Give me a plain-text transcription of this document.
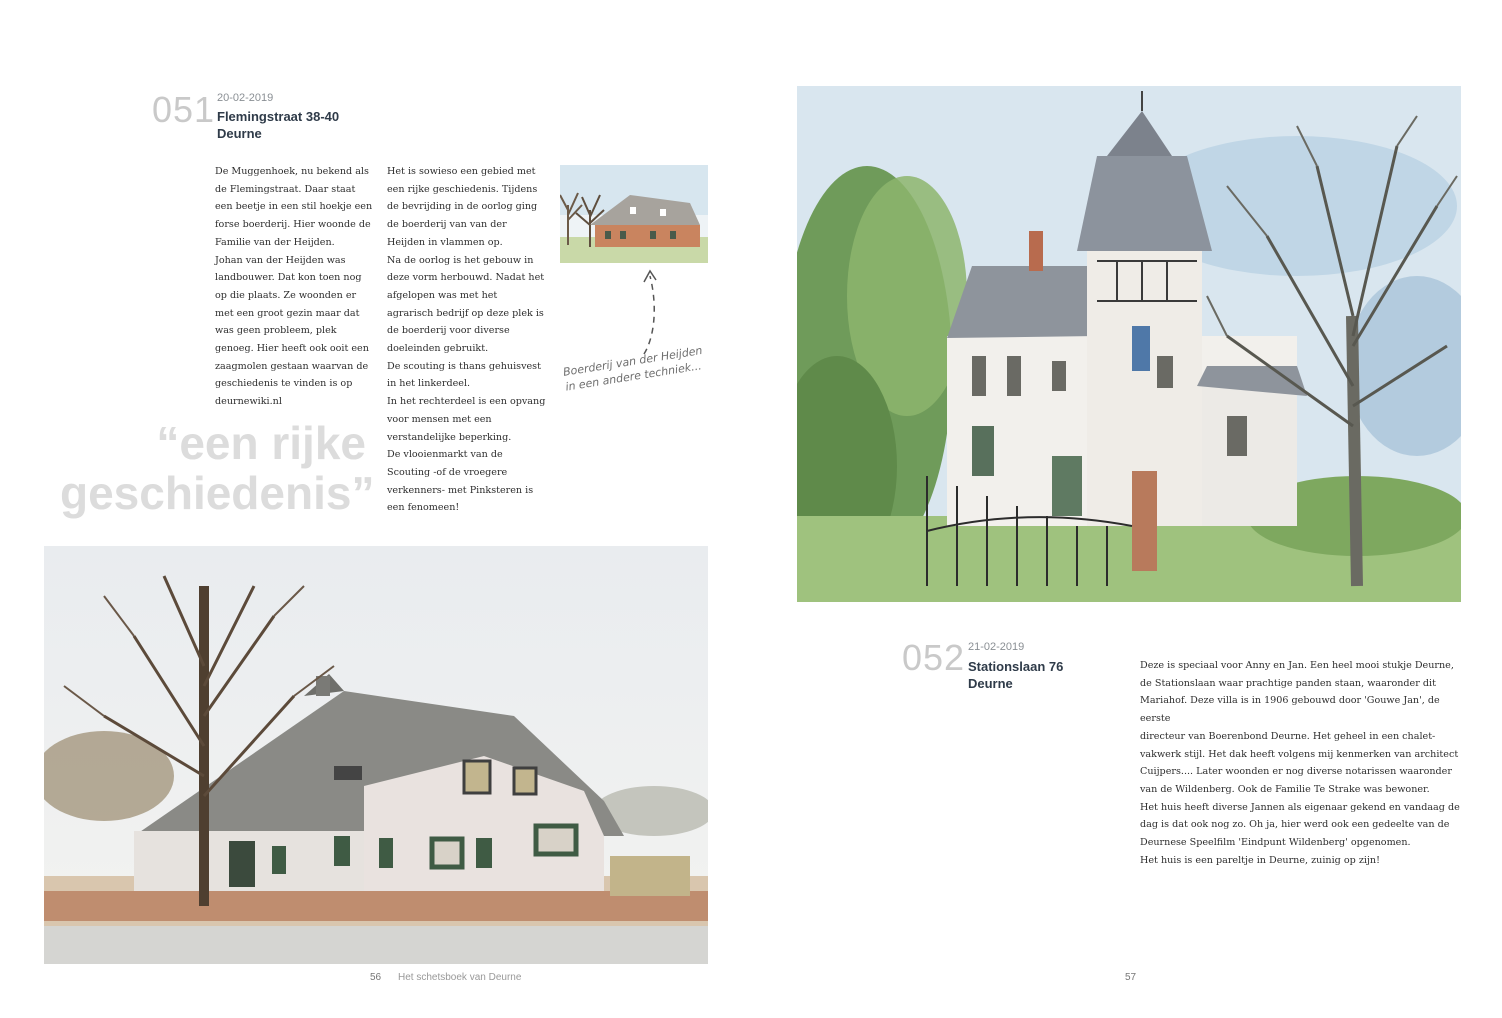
051 20-02-2019
Flemingstraat 38-40
Deurne
De Muggenhoek, nu bekend als
de Flemingstraat. Daar staat
een beetje in een stil hoekje een
forse boerderij. Hier woonde de
Familie van der Heijden.
Johan van der Heijden was
landbouwer. Dat kon toen nog
op die plaats. Ze woonden er
met een groot gezin maar dat
was geen probleem, plek
genoeg. Hier heeft ook ooit een
zaagmolen gestaan waarvan de
geschiedenis te vinden is op
deurnewiki.nl
Het is sowieso een gebied met
een rijke geschiedenis. Tijdens
de bevrijding in de oorlog ging
de boerderij van van der
Heijden in vlammen op.
Na de oorlog is het gebouw in
deze vorm herbouwd. Nadat het
afgelopen was met het
agrarisch bedrijf op deze plek is
de boerderij voor diverse
doeleinden gebruikt.
De scouting is thans gehuisvest
in het linkerdeel.
In het rechterdeel is een opvang
voor mensen met een
verstandelijke beperking.
De vlooienmarkt van de
Scouting -of de vroegere
verkenners- met Pinksteren is
een fenomeen!
“een rijke
geschiedenis”
Boerderij van der Heijden
in een andere techniek...
56 Het schetsboek van Deurne
052 21-02-2019
Stationslaan 76
Deurne
Deze is speciaal voor Anny en Jan. Een heel mooi stukje Deurne,
de Stationslaan waar prachtige panden staan, waaronder dit
Mariahof. Deze villa is in 1906 gebouwd door 'Gouwe Jan', de eerste
directeur van Boerenbond Deurne. Het geheel in een chalet-
vakwerk stijl. Het dak heeft volgens mij kenmerken van architect
Cuijpers.... Later woonden er nog diverse notarissen waaronder
van de Wildenberg. Ook de Familie Te Strake was bewoner.
Het huis heeft diverse Jannen als eigenaar gekend en vandaag de
dag is dat ook nog zo. Oh ja, hier werd ook een gedeelte van de
Deurnese Speelfilm 'Eindpunt Wildenberg' opgenomen.
Het huis is een pareltje in Deurne, zuinig op zijn!
57
